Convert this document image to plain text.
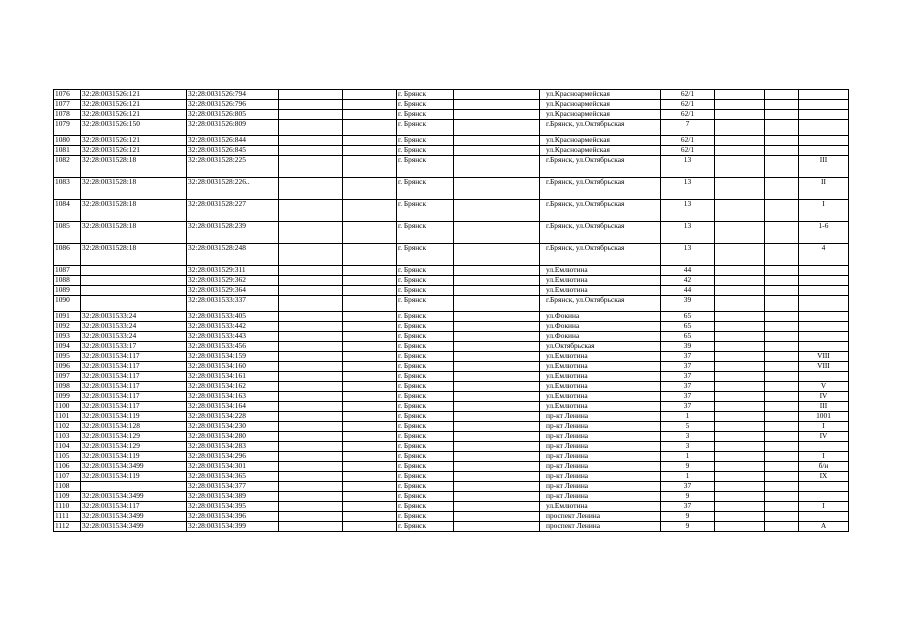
1076	32:28:0031526:121	32:28:0031526:794			г. Брянск		ул.Красноармейская	62/1			
1077	32:28:0031526:121	32:28:0031526:796			г. Брянск		ул.Красноармейская	62/1			
1078	32:28:0031526:121	32:28:0031526:805			г. Брянск		ул.Красноармейская	62/1			
1079	32:28:0031526:150	32:28:0031526:809			г. Брянск		г.Брянск, ул.Октябрьская	7			
1080	32:28:0031526:121	32:28:0031526:844			г. Брянск		ул.Красноармейская	62/1			
1081	32:28:0031526:121	32:28:0031526:845			г. Брянск		ул.Красноармейская	62/1			
1082	32:28:0031528:18	32:28:0031528:225			г. Брянск		г.Брянск, ул.Октябрьская	13			III
1083	32:28:0031528:18	32:28:0031528:226..			г. Брянск		г.Брянск, ул.Октябрьская	13			II
1084	32:28:0031528:18	32:28:0031528:227			г. Брянск		г.Брянск, ул.Октябрьская	13			I
1085	32:28:0031528:18	32:28:0031528:239			г. Брянск		г.Брянск, ул.Октябрьская	13			1-6
1086	32:28:0031528:18	32:28:0031528:248			г. Брянск		г.Брянск, ул.Октябрьская	13			4
1087		32:28:0031529:311			г. Брянск		ул.Емлютина	44			
1088		32:28:0031529:362			г. Брянск		ул.Емлютина	42			
1089		32:28:0031529:364			г. Брянск		ул.Емлютина	44			
1090		32:28:0031533:337			г. Брянск		г.Брянск, ул.Октябрьская	39			
1091	32:28:0031533:24	32:28:0031533:405			г. Брянск		ул.Фокина	65			
1092	32:28:0031533:24	32:28:0031533:442			г. Брянск		ул.Фокина	65			
1093	32:28:0031533:24	32:28:0031533:443			г. Брянск		ул.Фокина	65			
1094	32:28:0031533:17	32:28:0031533:456			г. Брянск		ул.Октябрьская	39			
1095	32:28:0031534:117	32:28:0031534:159			г. Брянск		ул.Емлютина	37			VIII
1096	32:28:0031534:117	32:28:0031534:160			г. Брянск		ул.Емлютина	37			VIII
1097	32:28:0031534:117	32:28:0031534:161			г. Брянск		ул.Емлютина	37			
1098	32:28:0031534:117	32:28:0031534:162			г. Брянск		ул.Емлютина	37			V
1099	32:28:0031534:117	32:28:0031534:163			г. Брянск		ул.Емлютина	37			IV
1100	32:28:0031534:117	32:28:0031534:164			г. Брянск		ул.Емлютина	37			III
1101	32:28:0031534:119	32:28:0031534:228			г. Брянск		пр-кт Ленина	1			1001
1102	32:28:0031534:128	32:28:0031534:230			г. Брянск		пр-кт Ленина	5			I
1103	32:28:0031534:129	32:28:0031534:280			г. Брянск		пр-кт Ленина	3			IV
1104	32:28:0031534:129	32:28:0031534:283			г. Брянск		пр-кт Ленина	3			
1105	32:28:0031534:119	32:28:0031534:296			г. Брянск		пр-кт Ленина	1			I
1106	32:28:0031534:3499	32:28:0031534:301			г. Брянск		пр-кт Ленина	9			б/н
1107	32:28:0031534:119	32:28:0031534:365			г. Брянск		пр-кт Ленина	1			IX
1108		32:28:0031534:377			г. Брянск		пр-кт Ленина	37			
1109	32:28:0031534:3499	32:28:0031534:389			г. Брянск		пр-кт Ленина	9			
1110	32:28:0031534:117	32:28:0031534:395			г. Брянск		ул.Емлютина	37			I
1111	32:28:0031534:3499	32:28:0031534:396			г. Брянск		проспект Ленина	9			
1112	32:28:0031534:3499	32:28:0031534:399			г. Брянск		проспект Ленина	9			А
